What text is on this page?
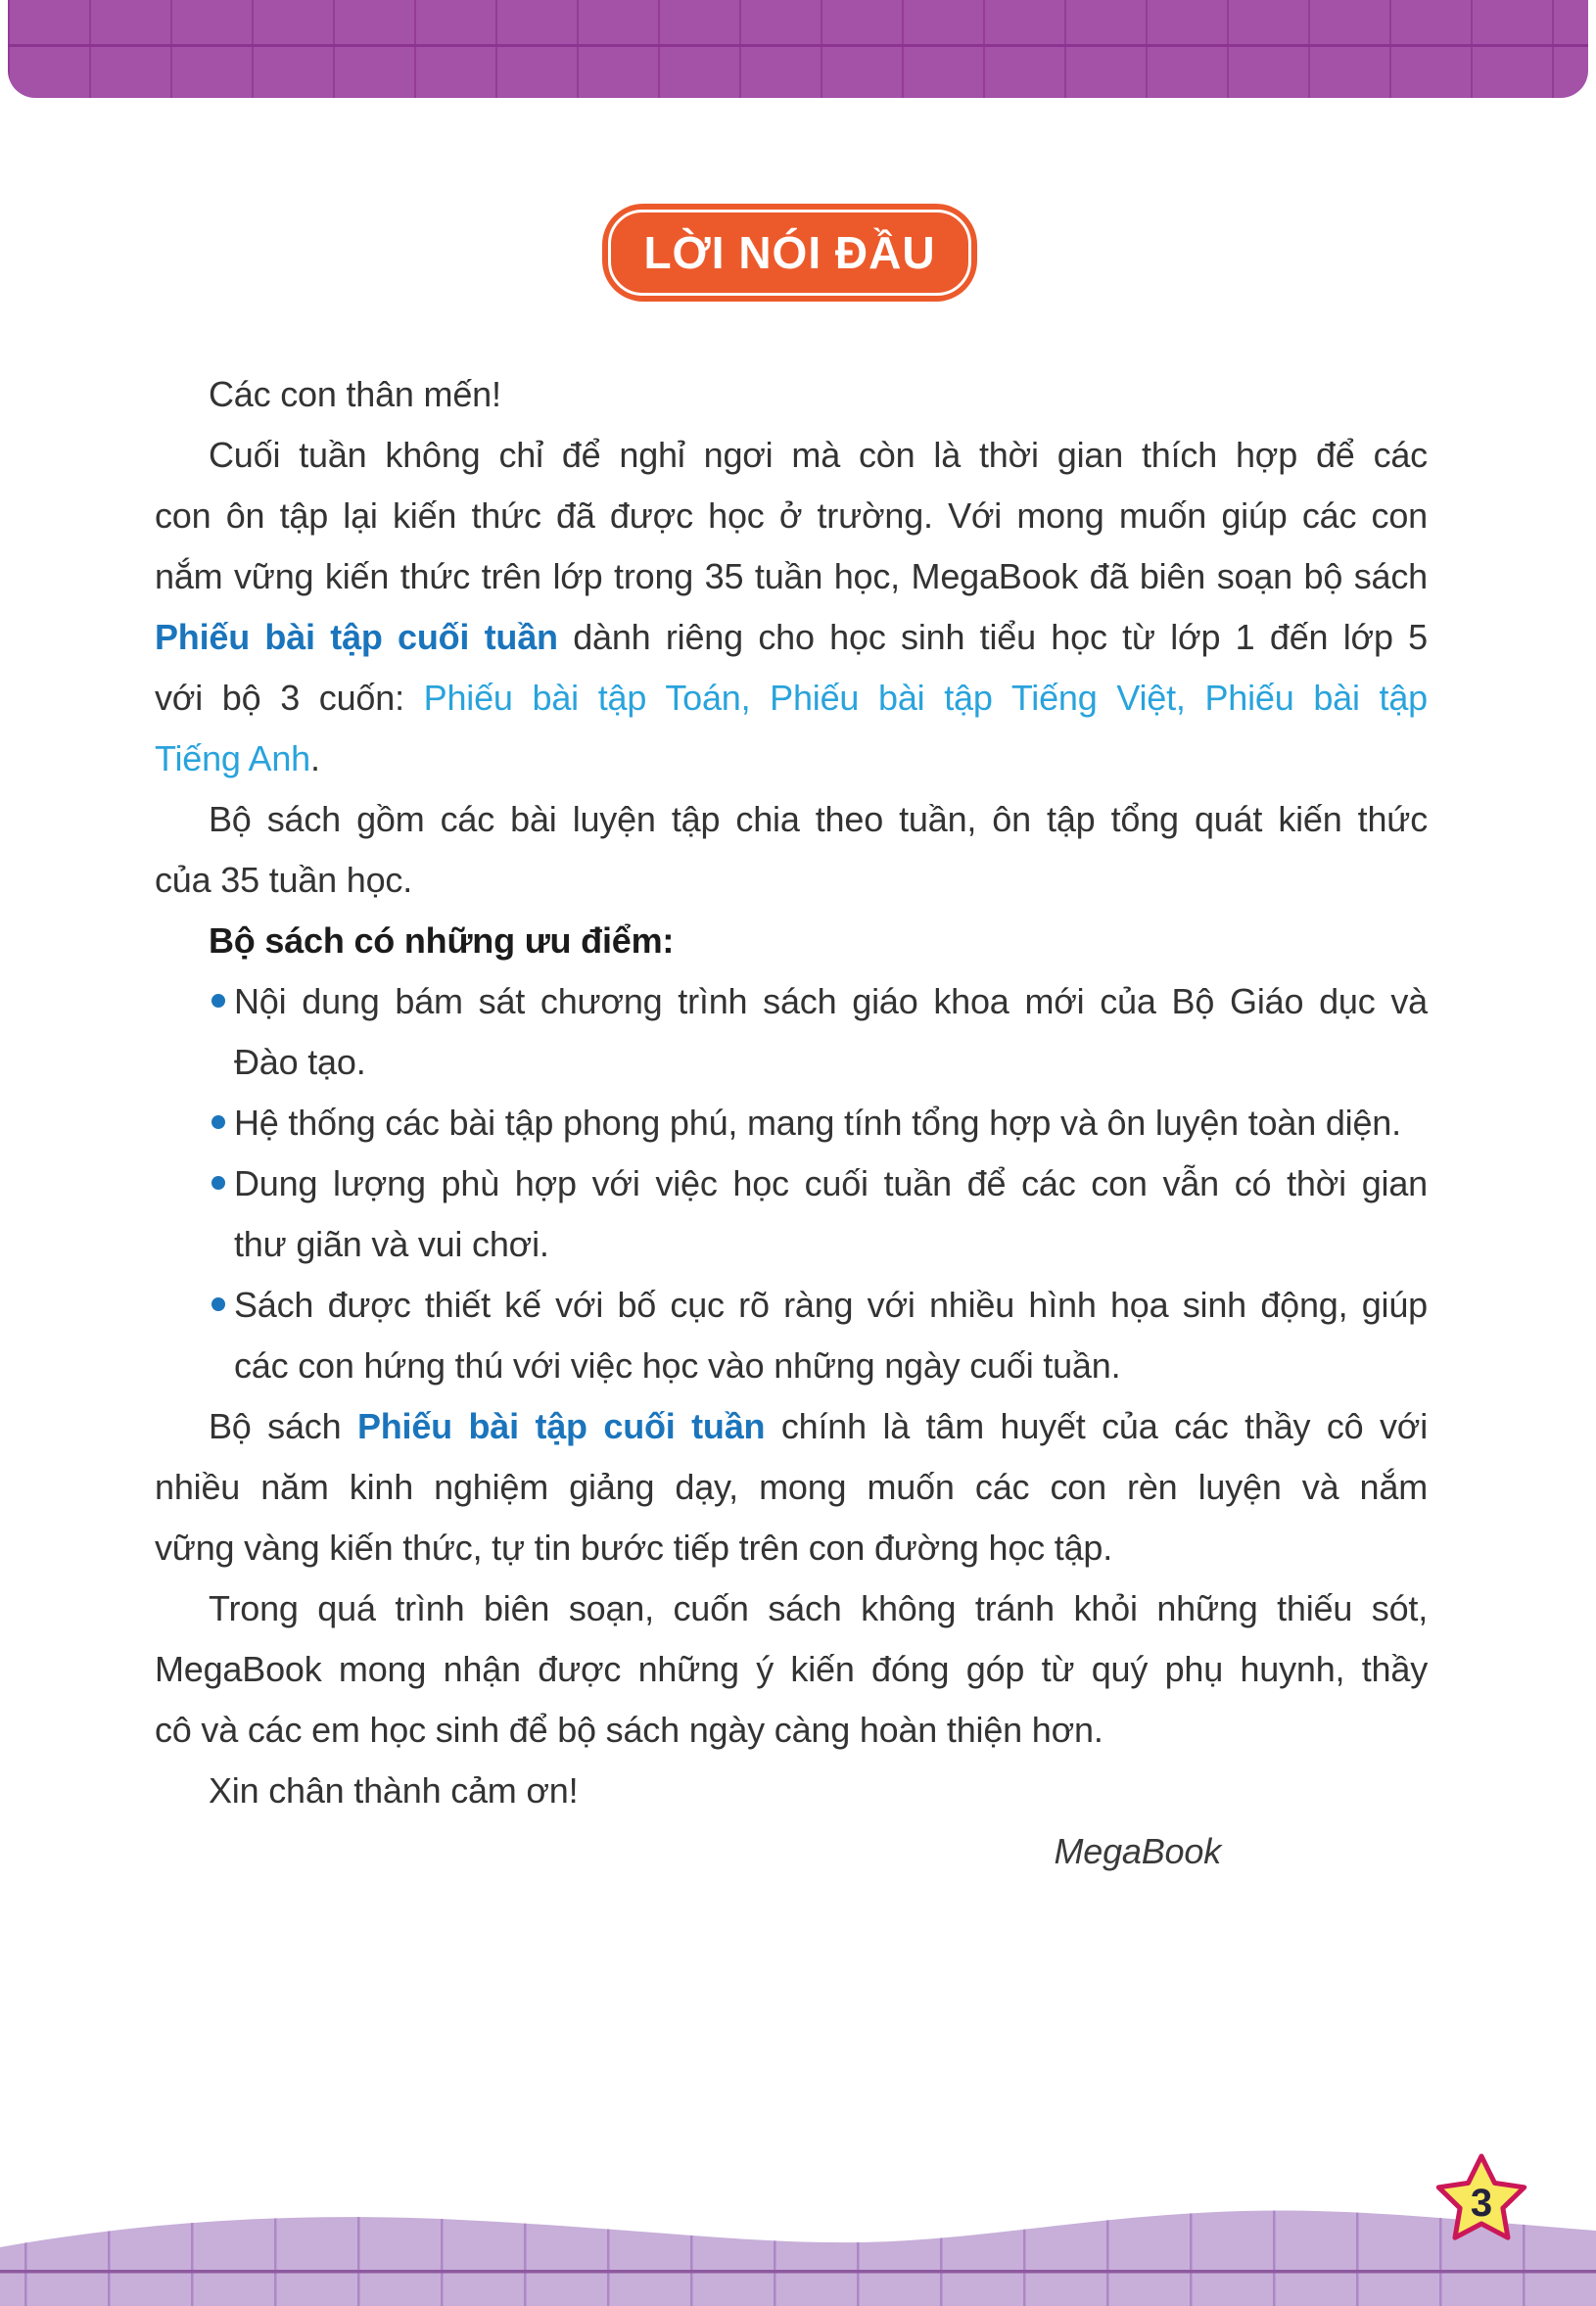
LỜI NÓI ĐẦU
Các con thân mến!
Cuối tuần không chỉ để nghỉ ngơi mà còn là thời gian thích hợp để các
con ôn tập lại kiến thức đã được học ở trường. Với mong muốn giúp các con
nắm vững kiến thức trên lớp trong 35 tuần học, MegaBook đã biên soạn bộ sách
Phiếu bài tập cuối tuần dành riêng cho học sinh tiểu học từ lớp 1 đến lớp 5
với bộ 3 cuốn: Phiếu bài tập Toán, Phiếu bài tập Tiếng Việt, Phiếu bài tập
Tiếng Anh.
Bộ sách gồm các bài luyện tập chia theo tuần, ôn tập tổng quát kiến thức
của 35 tuần học.
Bộ sách có những ưu điểm:
Nội dung bám sát chương trình sách giáo khoa mới của Bộ Giáo dục và
Đào tạo.
Hệ thống các bài tập phong phú, mang tính tổng hợp và ôn luyện toàn diện.
Dung lượng phù hợp với việc học cuối tuần để các con vẫn có thời gian
thư giãn và vui chơi.
Sách được thiết kế với bố cục rõ ràng với nhiều hình họa sinh động, giúp
các con hứng thú với việc học vào những ngày cuối tuần.
Bộ sách Phiếu bài tập cuối tuần chính là tâm huyết của các thầy cô với
nhiều năm kinh nghiệm giảng dạy, mong muốn các con rèn luyện và nắm
vững vàng kiến thức, tự tin bước tiếp trên con đường học tập.
Trong quá trình biên soạn, cuốn sách không tránh khỏi những thiếu sót,
MegaBook mong nhận được những ý kiến đóng góp từ quý phụ huynh, thầy
cô và các em học sinh để bộ sách ngày càng hoàn thiện hơn.
Xin chân thành cảm ơn!
MegaBook
3
